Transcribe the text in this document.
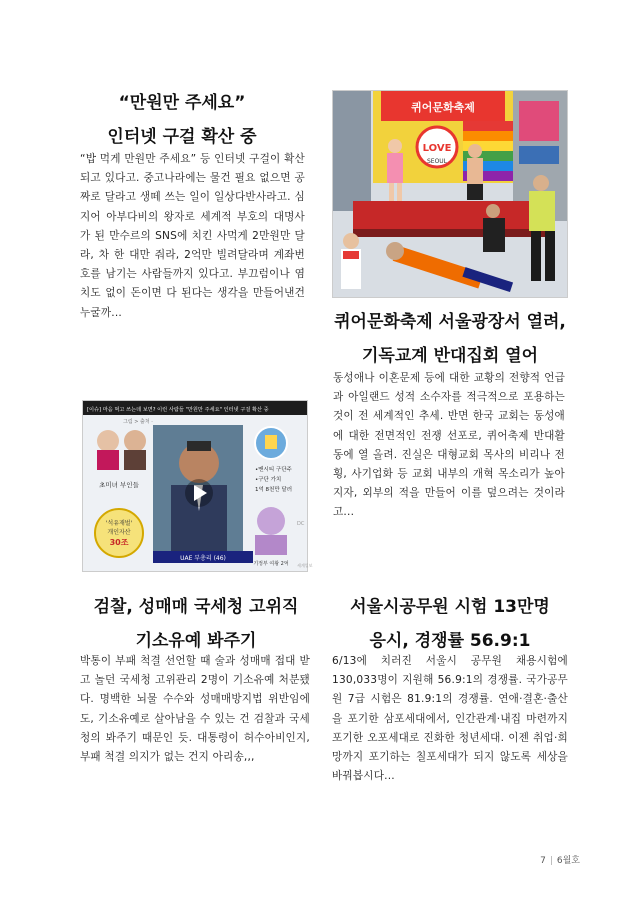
“만원만 주세요”
인터넷 구걸 확산 중
“밥 먹게 만원만 주세요” 등 인터넷 구걸이 확산되고 있다고. 중고나라에는 물건 필요 없으면 공짜로 달라고 생떼 쓰는 일이 일상다반사라고. 심지어 아부다비의 왕자로 세계적 부호의 대명사가 된 만수르의 SNS에 치킨 사먹게 2만원만 달라, 차 한 대만 줘라, 2억만 빌려달라며 계좌번호를 남기는 사람들까지 있다고. 부끄럼이나 염치도 없이 돈이면 다 된다는 생각을 만들어낸건 누굴까...
퀴어문화축제
LOVE
SEOUL
퀴어문화축제 서울광장서 열려,
기독교계 반대집회 열어
동성애나 이혼문제 등에 대한 교황의 전향적 언급과 아일랜드 성적 소수자를 적극적으로 포용하는 것이 전 세계적인 추세. 반면 한국 교회는 동성애에 대한 전면적인 전쟁 선포로, 퀴어축제 반대활동에 열 올려. 진실은 대형교회 목사의 비리나 전횡, 사기업화 등 교회 내부의 개혁 목소리가 높아지자, 외부의 적을 만들어 이를 덮으려는 것이라고...
[이슈] 마음 먹고 쓰는데 보면? 이런 사람들 "만원만 주세요" 인터넷 구걸 확산 중
그림 > 출처 ·
초미녀 부인들
'석유재벌'
개인자산
30조
UAE 부총리 (46)
•맨시티 구단주
•구단 가치
1억 8천만 달러
기정부 여왕 2억
DC
세계일보
검찰, 성매매 국세청 고위직
기소유예 봐주기
박통이 부패 척결 선언할 때 술과 성매매 접대 받고 놀던 국세청 고위관리 2명이 기소유예 처분됐다. 명백한 뇌물 수수와 성매매방지법 위반임에도, 기소유예로 살아남을 수 있는 건 검찰과 국세청의 봐주기 때문인 듯. 대통령이 허수아비인지, 부패 척결 의지가 없는 건지 아리송,,,
서울시공무원 시험 13만명
응시, 경쟁률 56.9:1
6/13에 치러진 서울시 공무원 채용시험에 130,033명이 지원해 56.9:1의 경쟁률. 국가공무원 7급 시험은 81.9:1의 경쟁률. 연애·결혼·출산을 포기한 삼포세대에서, 인간관계·내집 마련까지 포기한 오포세대로 진화한 청년세대. 이젠 취업·희망까지 포기하는 칠포세대가 되지 않도록 세상을 바꿔봅시다...
7 | 6월호
